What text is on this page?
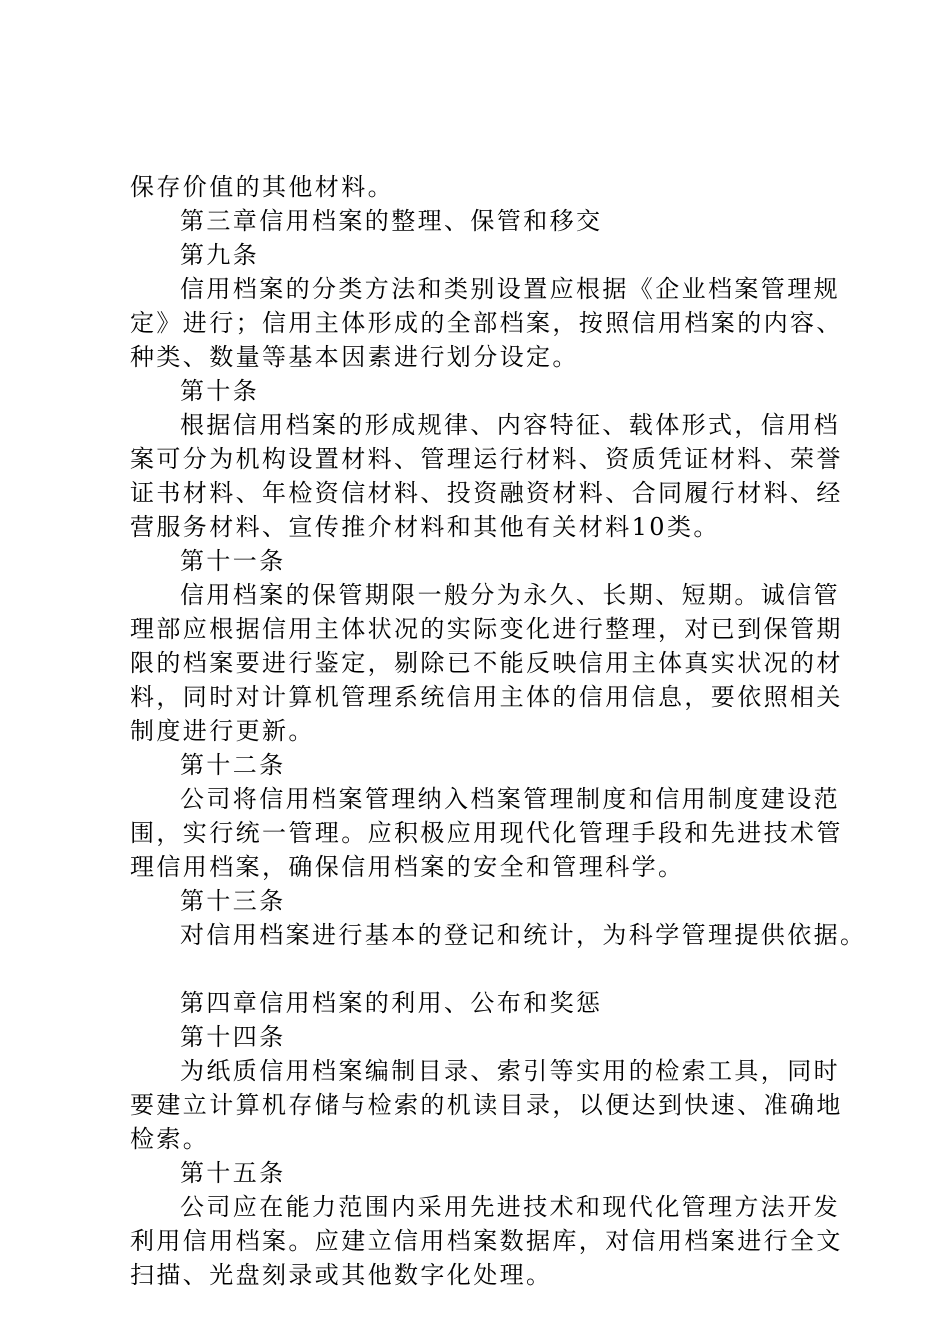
保存价值的其他材料。
第三章信用档案的整理、保管和移交
第九条
信用档案的分类方法和类别设置应根据《企业档案管理规
定》进行；信用主体形成的全部档案，按照信用档案的内容、
种类、数量等基本因素进行划分设定。
第十条
根据信用档案的形成规律、内容特征、载体形式，信用档
案可分为机构设置材料、管理运行材料、资质凭证材料、荣誉
证书材料、年检资信材料、投资融资材料、合同履行材料、经
营服务材料、宣传推介材料和其他有关材料10类。
第十一条
信用档案的保管期限一般分为永久、长期、短期。诚信管
理部应根据信用主体状况的实际变化进行整理，对已到保管期
限的档案要进行鉴定，剔除已不能反映信用主体真实状况的材
料，同时对计算机管理系统信用主体的信用信息，要依照相关
制度进行更新。
第十二条
公司将信用档案管理纳入档案管理制度和信用制度建设范
围，实行统一管理。应积极应用现代化管理手段和先进技术管
理信用档案，确保信用档案的安全和管理科学。
第十三条
对信用档案进行基本的登记和统计，为科学管理提供依据。
第四章信用档案的利用、公布和奖惩
第十四条
为纸质信用档案编制目录、索引等实用的检索工具，同时
要建立计算机存储与检索的机读目录，以便达到快速、准确地
检索。
第十五条
公司应在能力范围内采用先进技术和现代化管理方法开发
利用信用档案。应建立信用档案数据库，对信用档案进行全文
扫描、光盘刻录或其他数字化处理。
